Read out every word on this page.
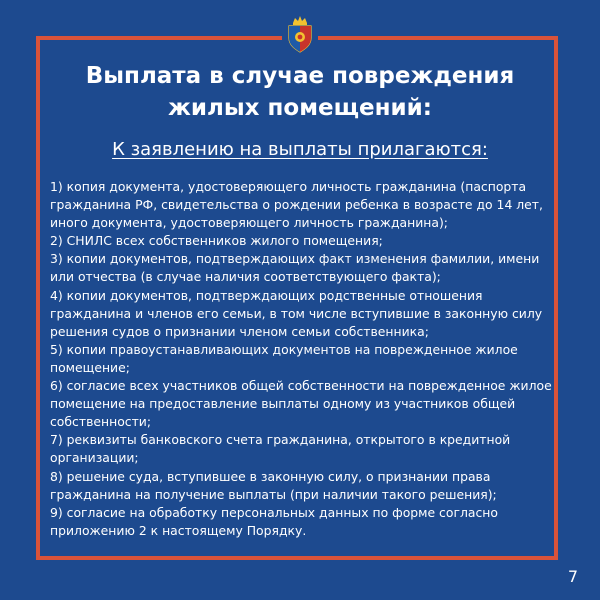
Выплата в случае повреждения жилых помещений:
К заявлению на выплаты прилагаются:
1) копия документа, удостоверяющего личность гражданина (паспорта гражданина РФ, свидетельства о рождении ребенка в возрасте до 14 лет, иного документа, удостоверяющего личность гражданина);
2) СНИЛС всех собственников жилого помещения;
3) копии документов, подтверждающих факт изменения фамилии, имени или отчества (в случае наличия соответствующего факта);
4) копии документов, подтверждающих родственные отношения гражданина и членов его семьи, в том числе вступившие в законную силу решения судов о признании членом семьи собственника;
5) копии правоустанавливающих документов на поврежденное жилое помещение;
6) согласие всех участников общей собственности на поврежденное жилое помещение на предоставление выплаты одному из участников общей собственности;
7) реквизиты банковского счета гражданина, открытого в кредитной организации;
8) решение суда, вступившее в законную силу, о признании права гражданина на получение выплаты (при наличии такого решения);
9) согласие на обработку персональных данных по форме согласно приложению 2 к настоящему Порядку.
7
